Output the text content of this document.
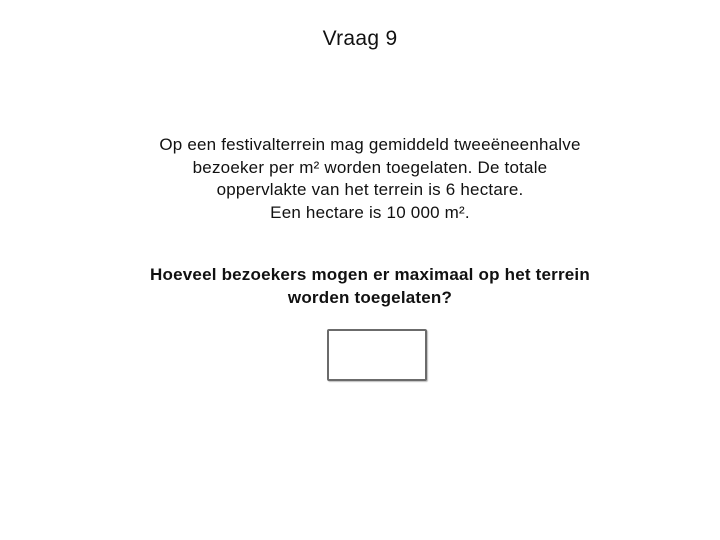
Vraag 9

Op een festivalterrein mag gemiddeld tweeëneenhalve bezoeker per m² worden toegelaten. De totale oppervlakte van het terrein is 6 hectare.

Een hectare is 10 000 m².

Hoeveel bezoekers mogen er maximaal op het terrein worden toegelaten?
